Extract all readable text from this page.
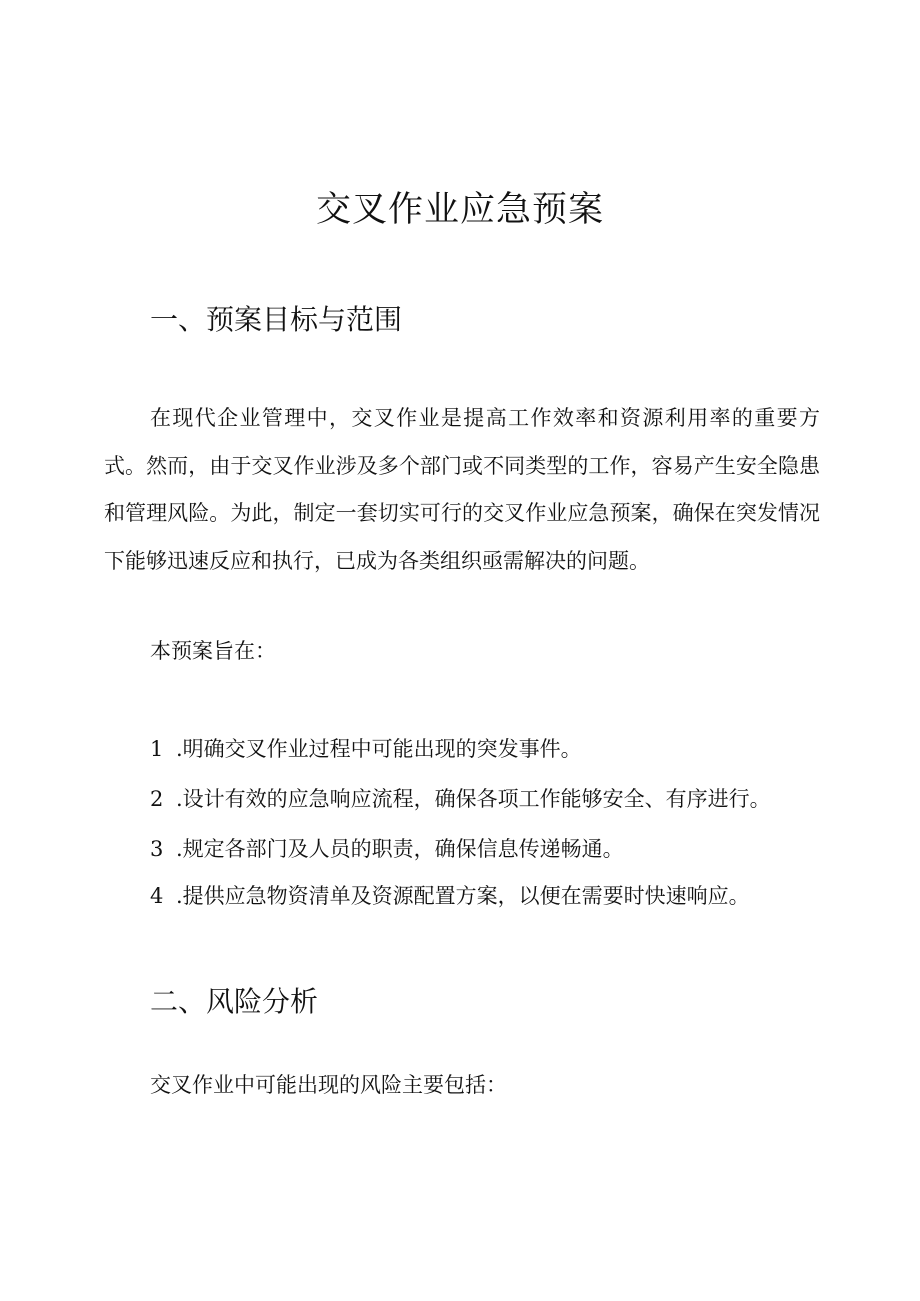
交叉作业应急预案
一、预案目标与范围

在现代企业管理中，交叉作业是提高工作效率和资源利用率的重要方式。然而，由于交叉作业涉及多个部门或不同类型的工作，容易产生安全隐患和管理风险。为此，制定一套切实可行的交叉作业应急预案，确保在突发情况下能够迅速反应和执行，已成为各类组织亟需解决的问题。

本预案旨在：
1 .明确交叉作业过程中可能出现的突发事件。
2 .设计有效的应急响应流程，确保各项工作能够安全、有序进行。
3 .规定各部门及人员的职责，确保信息传递畅通。
4 .提供应急物资清单及资源配置方案，以便在需要时快速响应。
二、风险分析
交叉作业中可能出现的风险主要包括：
